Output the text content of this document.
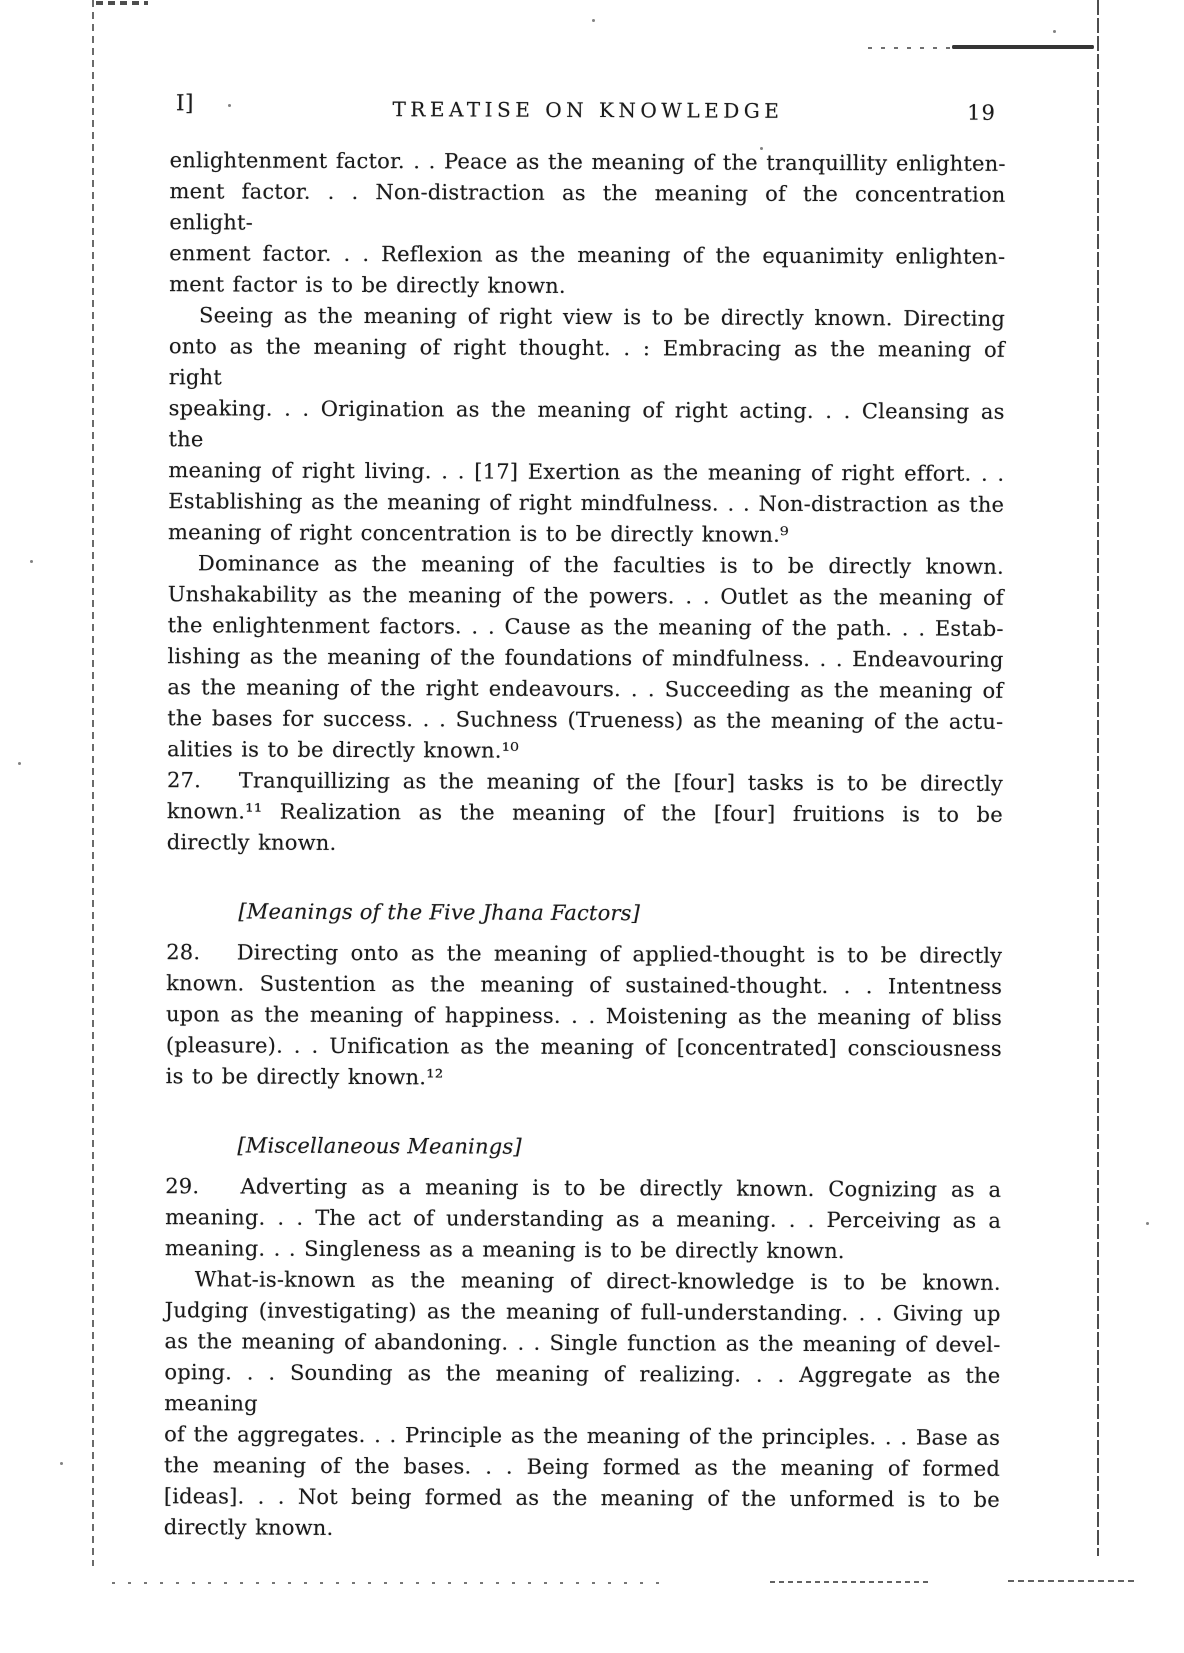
I]	TREATISE ON KNOWLEDGE	19
enlightenment factor. . . Peace as the meaning of the tranquillity enlighten-
ment factor. . . Non-distraction as the meaning of the concentration enlight-
enment factor. . . Reflexion as the meaning of the equanimity enlighten-
ment factor is to be directly known.
Seeing as the meaning of right view is to be directly known. Directing
onto as the meaning of right thought. . : Embracing as the meaning of right
speaking. . . Origination as the meaning of right acting. . . Cleansing as the
meaning of right living. . . [17] Exertion as the meaning of right effort. . .
Establishing as the meaning of right mindfulness. . . Non-distraction as the
meaning of right concentration is to be directly known.⁹
Dominance as the meaning of the faculties is to be directly known.
Unshakability as the meaning of the powers. . . Outlet as the meaning of
the enlightenment factors. . . Cause as the meaning of the path. . . Estab-
lishing as the meaning of the foundations of mindfulness. . . Endeavouring
as the meaning of the right endeavours. . . Succeeding as the meaning of
the bases for success. . . Suchness (Trueness) as the meaning of the actu-
alities is to be directly known.¹⁰
27.   Tranquillizing as the meaning of the [four] tasks is to be directly
known.¹¹ Realization as the meaning of the [four] fruitions is to be
directly known.
[Meanings of the Five Jhana Factors]
28.   Directing onto as the meaning of applied-thought is to be directly
known. Sustention as the meaning of sustained-thought. . . Intentness
upon as the meaning of happiness. . . Moistening as the meaning of bliss
(pleasure). . . Unification as the meaning of [concentrated] consciousness
is to be directly known.¹²
[Miscellaneous Meanings]
29.   Adverting as a meaning is to be directly known. Cognizing as a
meaning. . . The act of understanding as a meaning. . . Perceiving as a
meaning. . . Singleness as a meaning is to be directly known.
What-is-known as the meaning of direct-knowledge is to be known.
Judging (investigating) as the meaning of full-understanding. . . Giving up
as the meaning of abandoning. . . Single function as the meaning of devel-
oping. . . Sounding as the meaning of realizing. . . Aggregate as the meaning
of the aggregates. . . Principle as the meaning of the principles. . . Base as
the meaning of the bases. . . Being formed as the meaning of formed
[ideas]. . . Not being formed as the meaning of the unformed is to be
directly known.
